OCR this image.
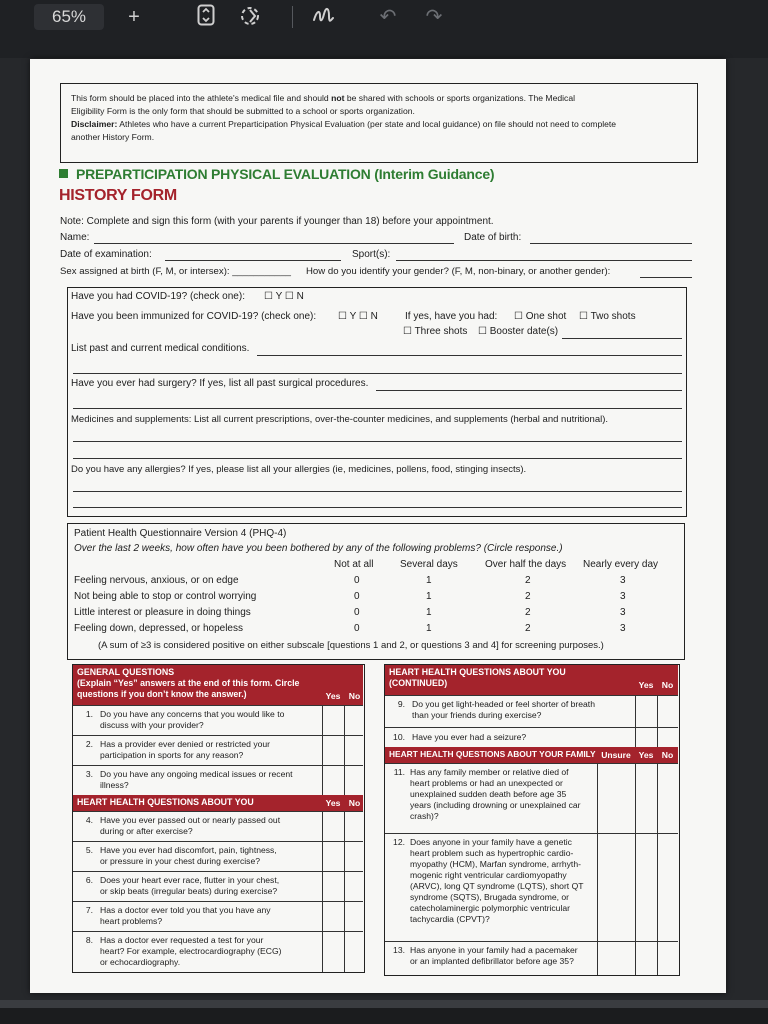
65%	+	↶ ↷

This form should be placed into the athlete's medical file and should not be shared with schools or sports organizations. The Medical

Eligibility Form is the only form that should be submitted to a school or sports organization.

Disclaimer: Athletes who have a current Preparticipation Physical Evaluation (per state and local guidance) on file should not need to complete

another History Form.

PREPARTICIPATION PHYSICAL EVALUATION (Interim Guidance)
HISTORY FORM
Note: Complete and sign this form (with your parents if younger than 18) before your appointment.
Name:	Date of birth:
Date of examination:	Sport(s):
Sex assigned at birth (F, M, or intersex): ___________ How do you identify your gender? (F, M, non-binary, or another gender):
Have you had COVID-19? (check one): ☐ Y ☐ N
Have you been immunized for COVID-19? (check one): ☐ Y ☐ N	If yes, have you had: ☐ One shot ☐ Two shots
☐ Three shots ☐ Booster date(s)
List past and current medical conditions.
Have you ever had surgery? If yes, list all past surgical procedures.
Medicines and supplements: List all current prescriptions, over-the-counter medicines, and supplements (herbal and nutritional).
Do you have any allergies? If yes, please list all your allergies (ie, medicines, pollens, food, stinging insects).
Patient Health Questionnaire Version 4 (PHQ-4)
Over the last 2 weeks, how often have you been bothered by any of the following problems? (Circle response.)
Not at all	Several days	Over half the days Nearly every day
Feeling nervous, anxious, or on edge	0	1	2	3
Not being able to stop or control worrying	0	1	2	3
Little interest or pleasure in doing things	0	1	2	3
Feeling down, depressed, or hopeless	0	1	2	3
(A sum of ≥3 is considered positive on either subscale [questions 1 and 2, or questions 3 and 4] for screening purposes.)
GENERAL QUESTIONS
(Explain “Yes” answers at the end of this form. Circle
questions if you don’t know the answer.)	Yes No
1. Do you have any concerns that you would like to
discuss with your provider?
2. Has a provider ever denied or restricted your
participation in sports for any reason?
3. Do you have any ongoing medical issues or recent
illness?
HEART HEALTH QUESTIONS ABOUT YOU	Yes No
4. Have you ever passed out or nearly passed out
during or after exercise?
5. Have you ever had discomfort, pain, tightness,
or pressure in your chest during exercise?
6. Does your heart ever race, flutter in your chest,
or skip beats (irregular beats) during exercise?
7. Has a doctor ever told you that you have any
heart problems?
8. Has a doctor ever requested a test for your
heart? For example, electrocardiography (ECG)
or echocardiography.
HEART HEALTH QUESTIONS ABOUT YOU
(CONTINUED)	Yes No
9. Do you get light-headed or feel shorter of breath
than your friends during exercise?
10. Have you ever had a seizure?
HEART HEALTH QUESTIONS ABOUT YOUR FAMILY Unsure Yes No
11. Has any family member or relative died of
heart problems or had an unexpected or
unexplained sudden death before age 35
years (including drowning or unexplained car
crash)?
12. Does anyone in your family have a genetic
heart problem such as hypertrophic cardio-
myopathy (HCM), Marfan syndrome, arrhyth-
mogenic right ventricular cardiomyopathy
(ARVC), long QT syndrome (LQTS), short QT
syndrome (SQTS), Brugada syndrome, or
catecholaminergic polymorphic ventricular
tachycardia (CPVT)?
13. Has anyone in your family had a pacemaker
or an implanted defibrillator before age 35?
